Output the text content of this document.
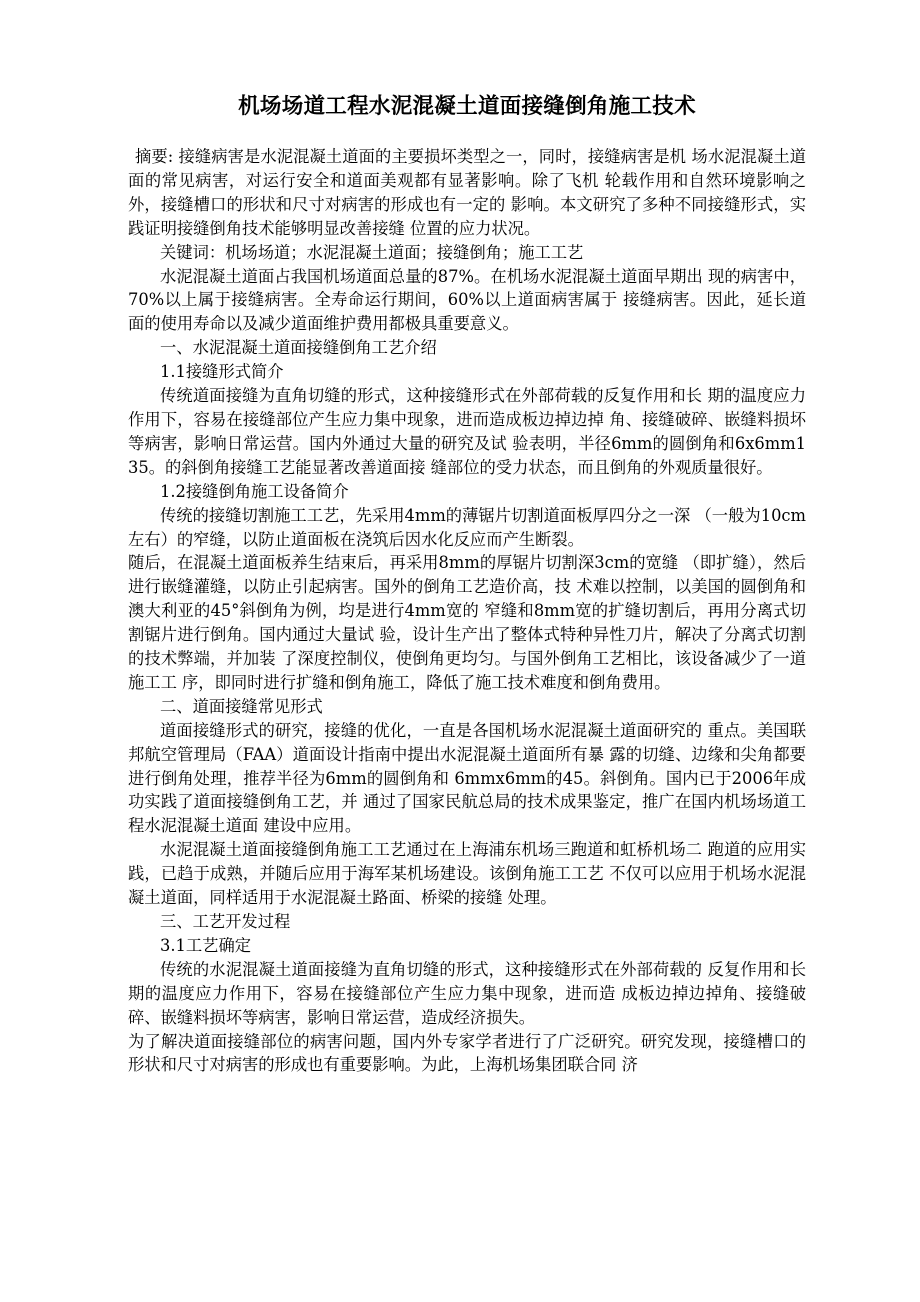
机场场道工程水泥混凝土道面接缝倒角施工技术

摘要: 接缝病害是水泥混凝土道面的主要损坏类型之一，同时，接缝病害是机 场水泥混凝土道面的常见病害，对运行安全和道面美观都有显著影响。除了飞机 轮载作用和自然环境影响之外，接缝槽口的形状和尺寸对病害的形成也有一定的 影响。本文研究了多种不同接缝形式，实践证明接缝倒角技术能够明显改善接缝 位置的应力状况。

关键词：机场场道；水泥混凝土道面；接缝倒角；施工工艺

水泥混凝土道面占我国机场道面总量的87%。在机场水泥混凝土道面早期出 现的病害中，70%以上属于接缝病害。全寿命运行期间，60%以上道面病害属于 接缝病害。因此，延长道面的使用寿命以及减少道面维护费用都极具重要意义。

一、水泥混凝土道面接缝倒角工艺介绍

1.1接缝形式简介

传统道面接缝为直角切缝的形式，这种接缝形式在外部荷载的反复作用和长 期的温度应力作用下，容易在接缝部位产生应力集中现象，进而造成板边掉边掉 角、接缝破碎、嵌缝料损坏等病害，影响日常运营。国内外通过大量的研究及试 验表明，半径6mm的圆倒角和6x6mm135。的斜倒角接缝工艺能显著改善道面接 缝部位的受力状态，而且倒角的外观质量很好。

1.2接缝倒角施工设备简介

传统的接缝切割施工工艺，先采用4mm的薄锯片切割道面板厚四分之一深 （一般为10cm左右）的窄缝，以防止道面板在浇筑后因水化反应而产生断裂。

随后，在混凝土道面板养生结束后，再采用8mm的厚锯片切割深3cm的宽缝 （即扩缝），然后进行嵌缝灌缝，以防止引起病害。国外的倒角工艺造价高，技 术难以控制，以美国的圆倒角和澳大利亚的45°斜倒角为例，均是进行4mm宽的 窄缝和8mm宽的扩缝切割后，再用分离式切割锯片进行倒角。国内通过大量试 验，设计生产出了整体式特种异性刀片，解决了分离式切割的技术弊端，并加装 了深度控制仪，使倒角更均匀。与国外倒角工艺相比，该设备减少了一道施工工 序，即同时进行扩缝和倒角施工，降低了施工技术难度和倒角费用。

二、道面接缝常见形式

道面接缝形式的研究，接缝的优化，一直是各国机场水泥混凝土道面研究的 重点。美国联邦航空管理局（FAA）道面设计指南中提出水泥混凝土道面所有暴 露的切缝、边缘和尖角都要进行倒角处理，推荐半径为6mm的圆倒角和 6mmx6mm的45。斜倒角。国内已于2006年成功实践了道面接缝倒角工艺，并 通过了国家民航总局的技术成果鉴定，推广在国内机场场道工程水泥混凝土道面 建设中应用。

水泥混凝土道面接缝倒角施工工艺通过在上海浦东机场三跑道和虹桥机场二 跑道的应用实践，已趋于成熟，并随后应用于海军某机场建设。该倒角施工工艺 不仅可以应用于机场水泥混凝土道面，同样适用于水泥混凝土路面、桥梁的接缝 处理。

三、工艺开发过程

3.1工艺确定

传统的水泥混凝土道面接缝为直角切缝的形式，这种接缝形式在外部荷载的 反复作用和长期的温度应力作用下，容易在接缝部位产生应力集中现象，进而造 成板边掉边掉角、接缝破碎、嵌缝料损坏等病害，影响日常运营，造成经济损失。

为了解决道面接缝部位的病害问题，国内外专家学者进行了广泛研究。研究发现，接缝槽口的形状和尺寸对病害的形成也有重要影响。为此，上海机场集团联合同 济
